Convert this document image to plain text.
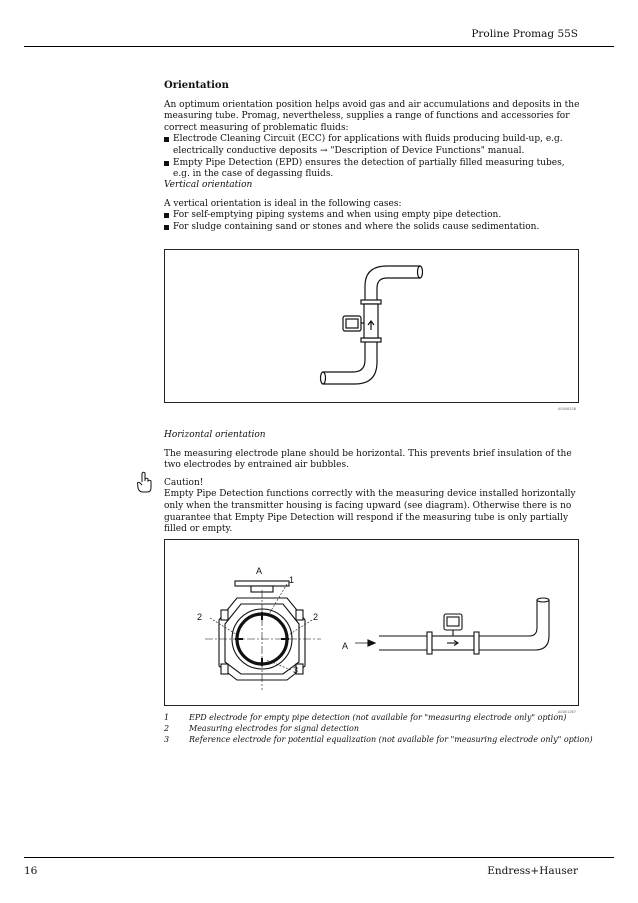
Proline Promag 55S

Orientation

An optimum orientation position helps avoid gas and air accumulations and deposits in the measuring tube. Promag, nevertheless, supplies a range of functions and accessories for correct measuring of problematic fluids:

Electrode Cleaning Circuit (ECC) for applications with fluids producing build-up, e.g. electrically conductive deposits → "Description of Device Functions" manual.

Empty Pipe Detection (EPD) ensures the detection of partially filled measuring tubes, e.g. in the case of degassing fluids.

Vertical orientation

A vertical orientation is ideal in the following cases:

For self-emptying piping systems and when using empty pipe detection.

For sludge containing sand or stones and where the solids cause sedimentation.

A0008158

Horizontal orientation

The measuring electrode plane should be horizontal. This prevents brief insulation of the two electrodes by entrained air bubbles.

Caution!

Empty Pipe Detection functions correctly with the measuring device installed horizontally only when the transmitter housing is facing upward (see diagram). Otherwise there is no guarantee that Empty Pipe Detection will respond if the measuring tube is only partially filled or empty.

A
1
2	2
3
A
A0001267
1 EPD electrode for empty pipe detection (not available for "measuring electrode only" option)
2 Measuring electrodes for signal detection
3 Reference electrode for potential equalization (not available for "measuring electrode only" option)
16	Endress+Hauser
